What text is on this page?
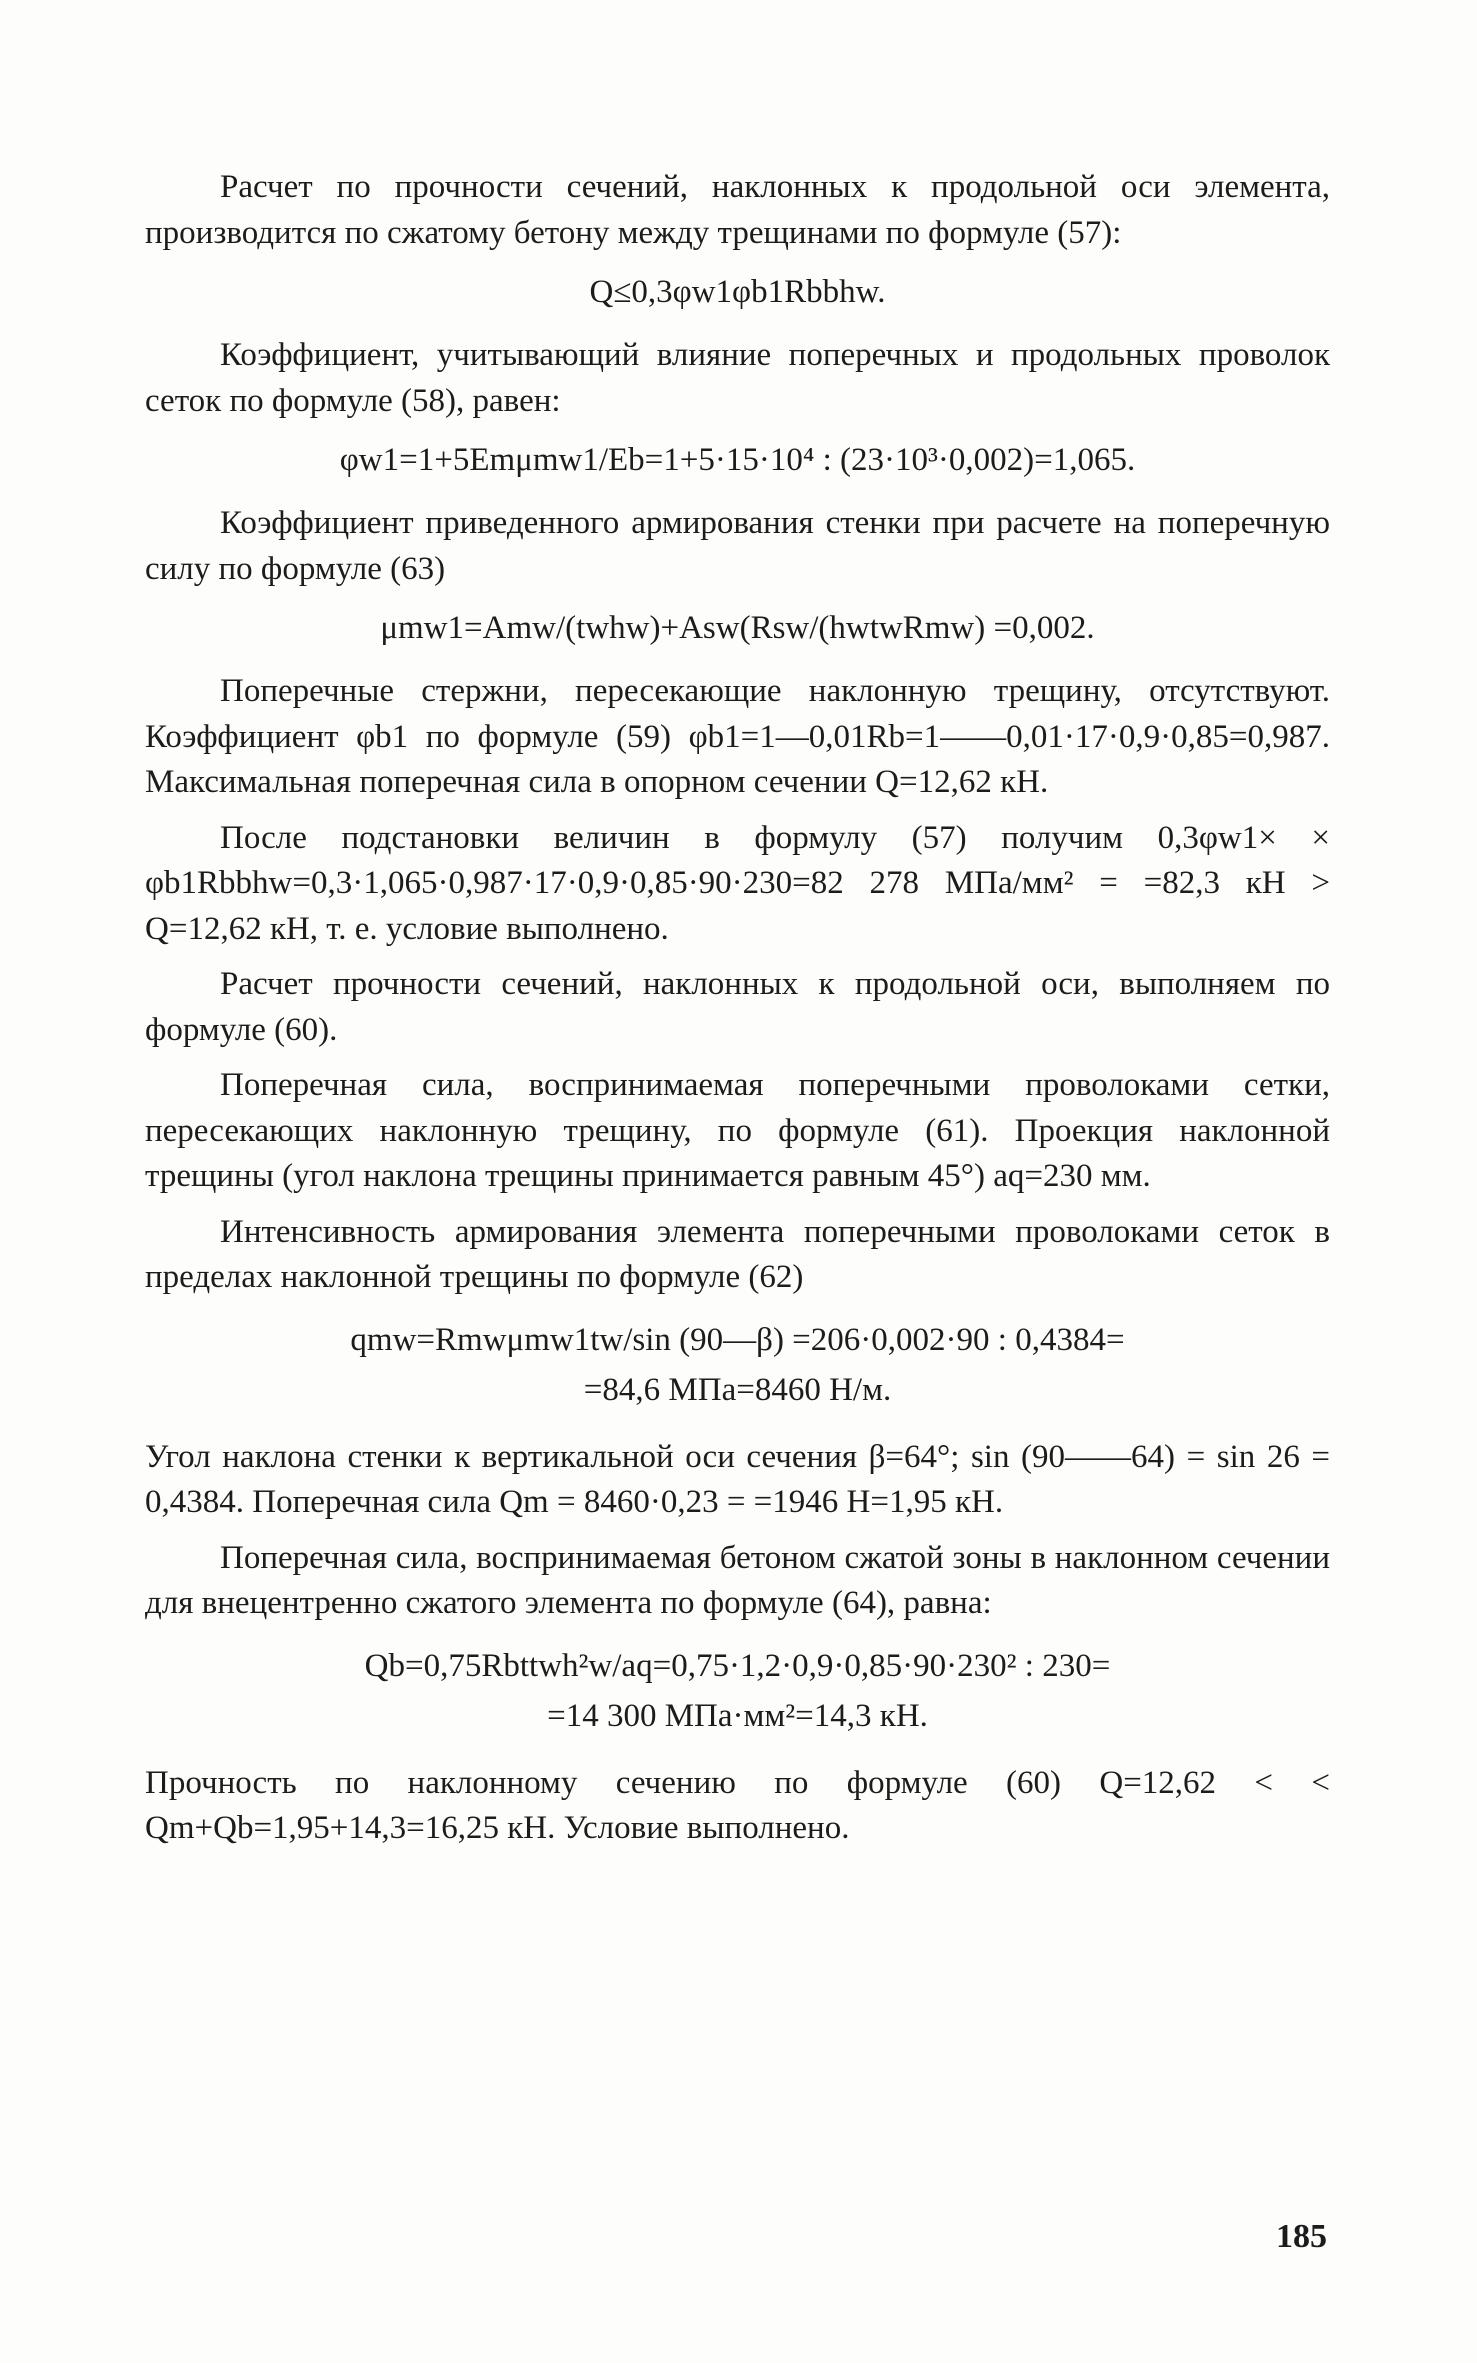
Расчет по прочности сечений, наклонных к продольной оси элемента, производится по сжатому бетону между трещинами по формуле (57):

Q≤0,3φw1φb1Rbbhw.

Коэффициент, учитывающий влияние поперечных и продольных проволок сеток по формуле (58), равен:

φw1=1+5Emμmw1/Eb=1+5·15·10⁴ : (23·10³·0,002)=1,065.

Коэффициент приведенного армирования стенки при расчете на поперечную силу по формуле (63)

μmw1=Amw/(twhw)+Asw(Rsw/(hwtwRmw) =0,002.

Поперечные стержни, пересекающие наклонную трещину, отсутствуют. Коэффициент φb1 по формуле (59) φb1=1—0,01Rb=1——0,01·17·0,9·0,85=0,987. Максимальная поперечная сила в опорном сечении Q=12,62 кН.

После подстановки величин в формулу (57) получим 0,3φw1× × φb1Rbbhw=0,3·1,065·0,987·17·0,9·0,85·90·230=82 278 МПа/мм² = =82,3 кН > Q=12,62 кН, т. е. условие выполнено.

Расчет прочности сечений, наклонных к продольной оси, выполняем по формуле (60).

Поперечная сила, воспринимаемая поперечными проволоками сетки, пересекающих наклонную трещину, по формуле (61). Проекция наклонной трещины (угол наклона трещины принимается равным 45°) aq=230 мм.

Интенсивность армирования элемента поперечными проволоками сеток в пределах наклонной трещины по формуле (62)

qmw=Rmwμmw1tw/sin (90—β) =206·0,002·90 : 0,4384=
=84,6 МПа=8460 Н/м.

Угол наклона стенки к вертикальной оси сечения β=64°; sin (90——64) = sin 26 = 0,4384. Поперечная сила Qm = 8460·0,23 = =1946 Н=1,95 кН.

Поперечная сила, воспринимаемая бетоном сжатой зоны в наклонном сечении для внецентренно сжатого элемента по формуле (64), равна:

Qb=0,75Rbttwh²w/aq=0,75·1,2·0,9·0,85·90·230² : 230=
=14 300 МПа·мм²=14,3 кН.

Прочность по наклонному сечению по формуле (60) Q=12,62 < < Qm+Qb=1,95+14,3=16,25 кН. Условие выполнено.

185
